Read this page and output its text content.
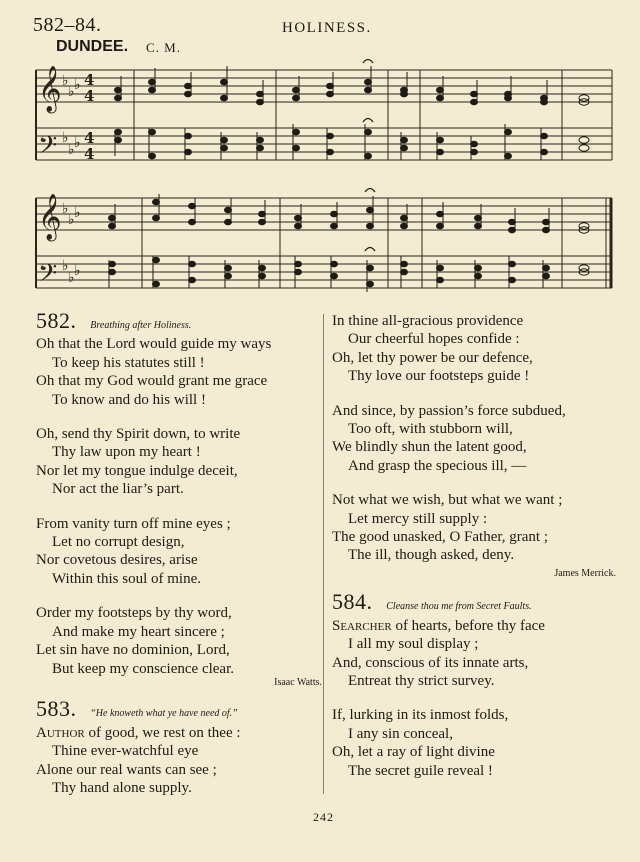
582–84.	HOLINESS.
DUNDEE. C. M.
𝄞
𝄞
𝄢
𝄢
♭
♭ ♭
♭
♭ ♭
♭
♭ ♭
♭
♭ ♭
4
4
4
4
582. Breathing after Holiness.
Oh that the Lord would guide my ways
To keep his statutes still !
Oh that my God would grant me grace
To know and do his will !
Oh, send thy Spirit down, to write
Thy law upon my heart !
Nor let my tongue indulge deceit,
Nor act the liar’s part.
From vanity turn off mine eyes ;
Let no corrupt design,
Nor covetous desires, arise
Within this soul of mine.
Order my footsteps by thy word,
And make my heart sincere ;
Let sin have no dominion, Lord,
But keep my conscience clear.
Isaac Watts.
583. “He knoweth what ye have need of.”
Author of good, we rest on thee :
Thine ever-watchful eye
Alone our real wants can see ;
Thy hand alone supply.
In thine all-gracious providence
Our cheerful hopes confide :
Oh, let thy power be our defence,
Thy love our footsteps guide !
And since, by passion’s force subdued,
Too oft, with stubborn will,
We blindly shun the latent good,
And grasp the specious ill, —
Not what we wish, but what we want ;
Let mercy still supply :
The good unasked, O Father, grant ;
The ill, though asked, deny.
James Merrick.
584. Cleanse thou me from Secret Faults.
Searcher of hearts, before thy face
I all my soul display ;
And, conscious of its innate arts,
Entreat thy strict survey.
If, lurking in its inmost folds,
I any sin conceal,
Oh, let a ray of light divine
The secret guile reveal !
242
